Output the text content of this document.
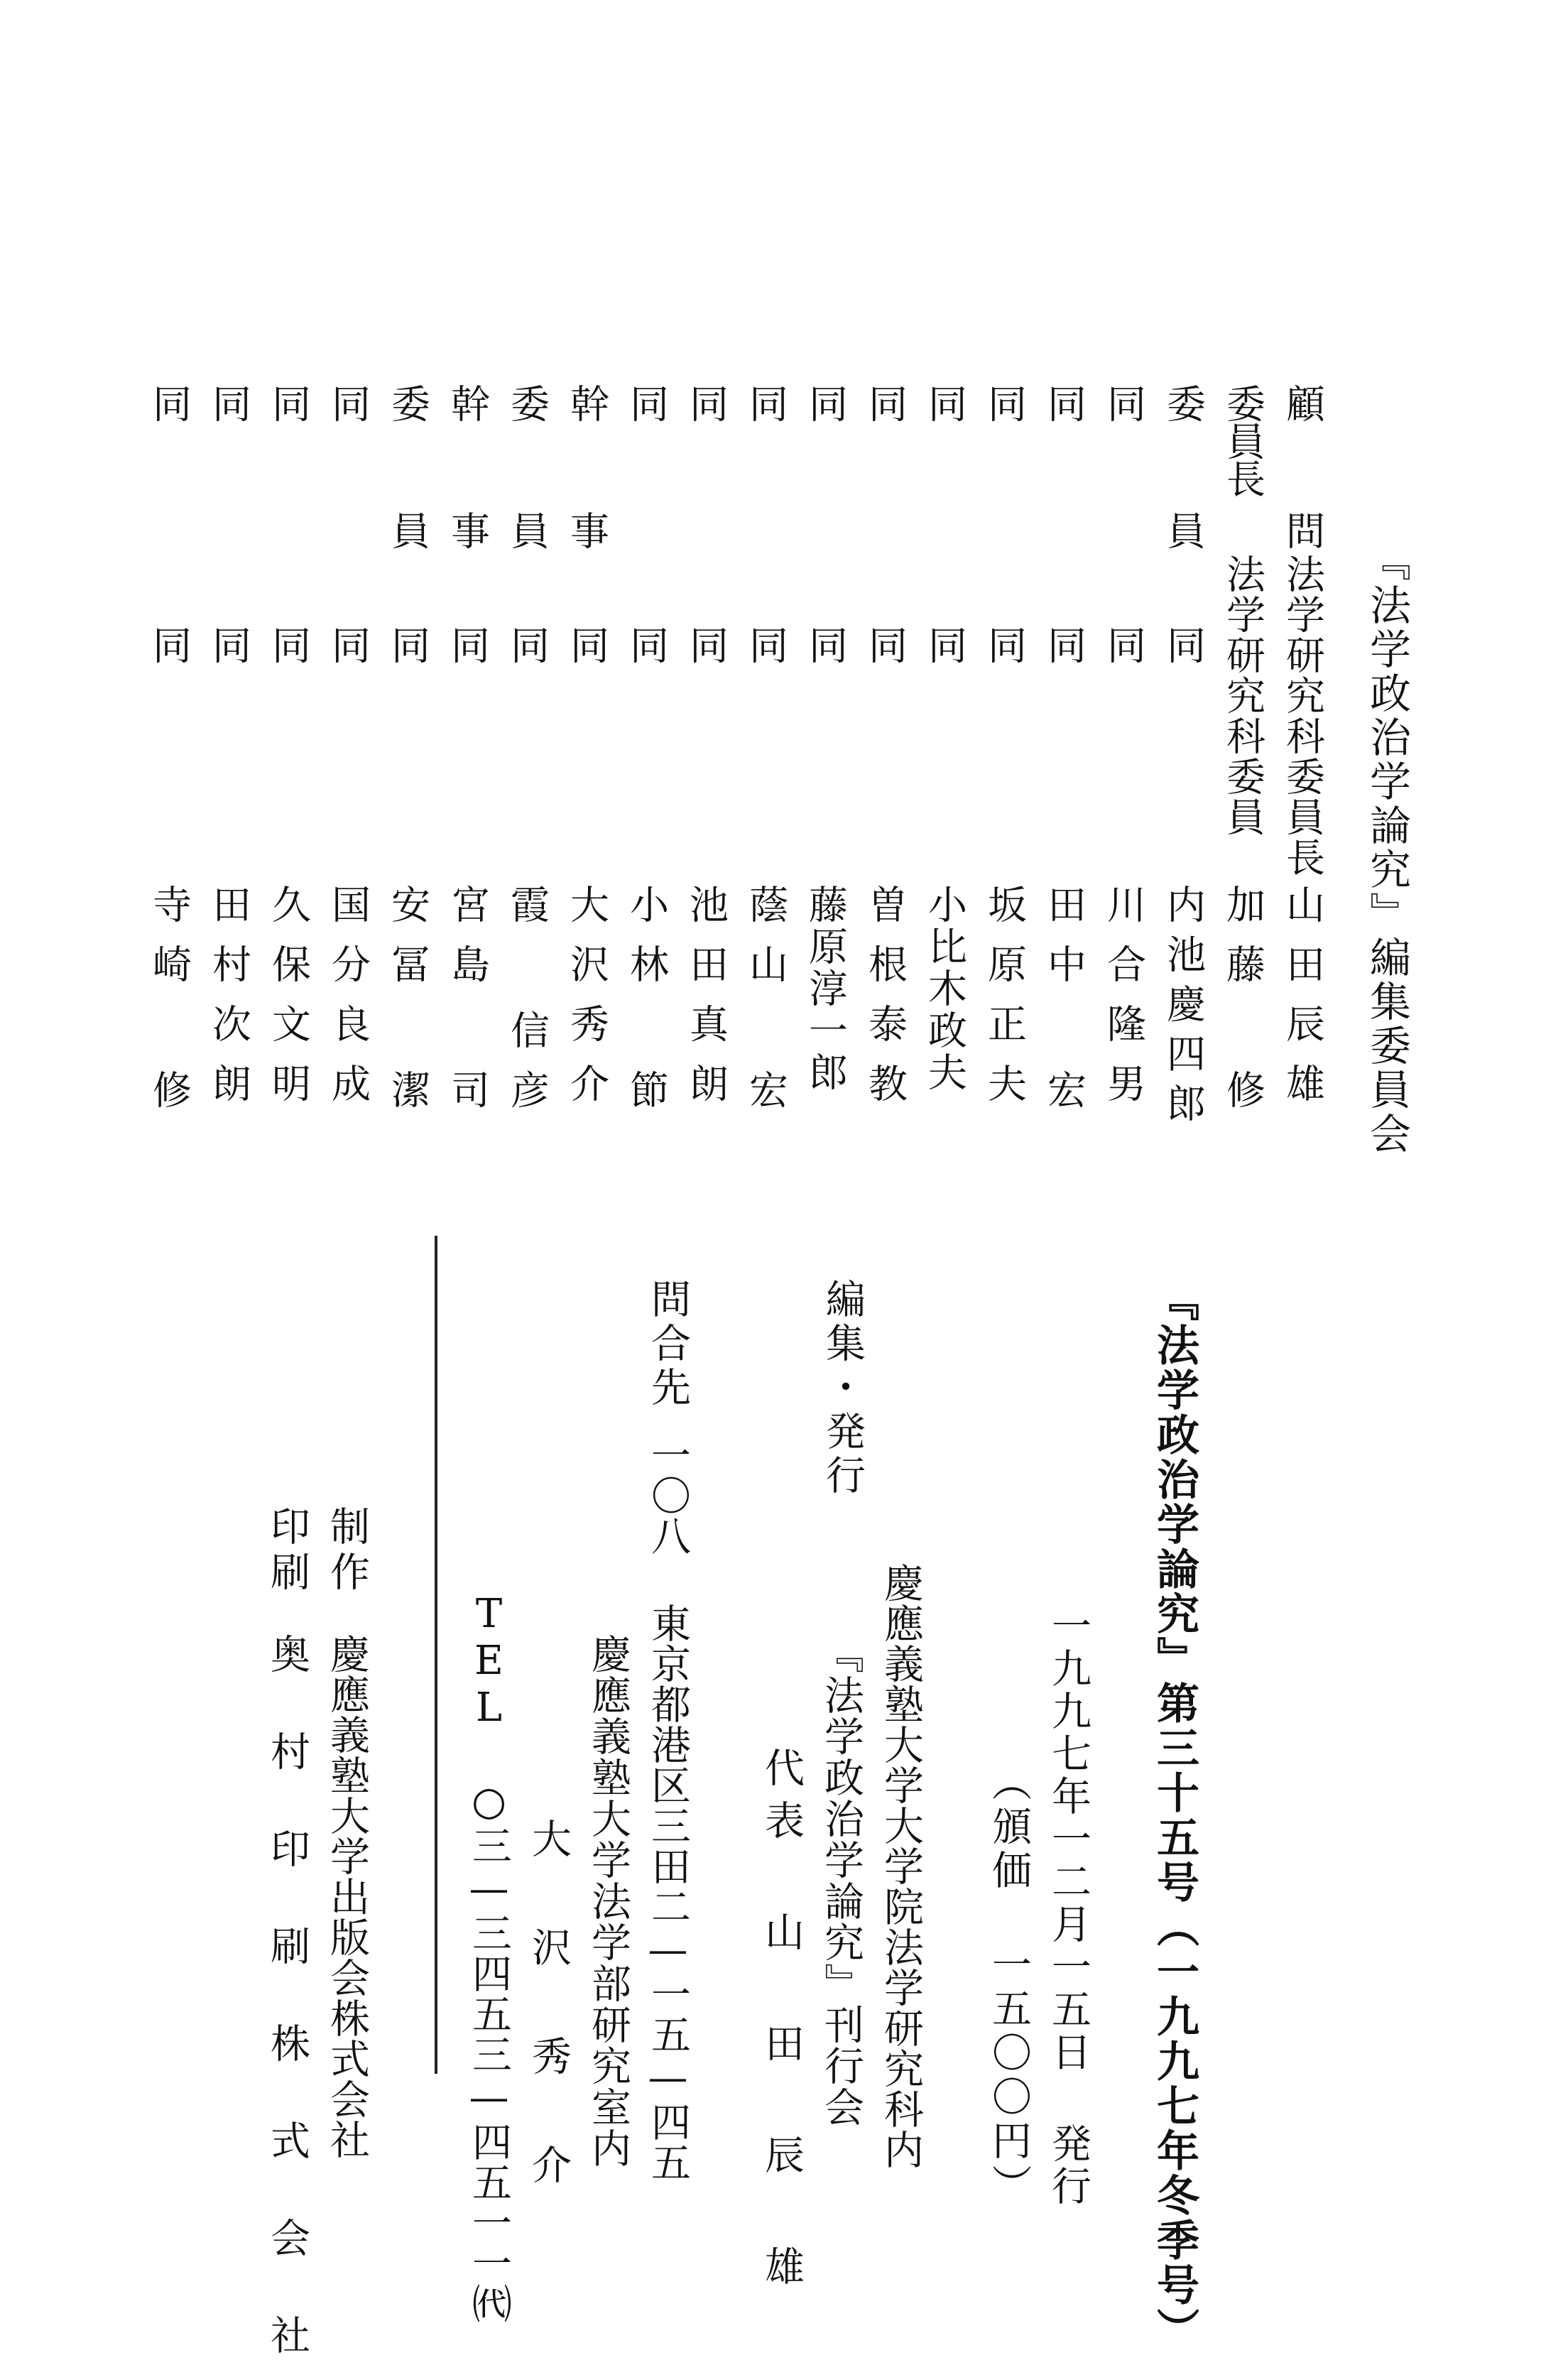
『法学政治学論究』編集委員会
顧 問
法学研究科委員長
山田辰雄
委員長
法学研究科委員
加藤 修
委 員
同
内池慶四郎
同
同
川合隆男
同
同
田中 宏
同
同
坂原正夫
同
同
小比木政夫
同
同
曽根泰教
同
同
藤原淳一郎
同
同
蔭山 宏
同
同
池田真朗
同
同
小林 節
幹 事
同
大沢秀介
委 員
同
霞 信彦
幹 事
同
宮島 司
委 員
同
安冨 潔
同
同
国分良成
同
同
久保文明
同
同
田村次朗
同
同
寺崎 修
『法学政治学論究』第三十五号（一九九七年冬季号）
一九九七年一二月一五日 発行
（頒価 一五〇〇円）
編集・発行
慶應義塾大学大学院法学研究科内
『法学政治学論究』刊行会
代表 山 田 辰 雄
問合先
一〇八 東京都港区三田二—一五—四五
慶應義塾大学法学部研究室内
大 沢 秀 介
TEL ○三—三四五三—四五一一㈹
制作
慶應義塾大学出版会株式会社
印刷
奥 村 印 刷 株 式 会 社
